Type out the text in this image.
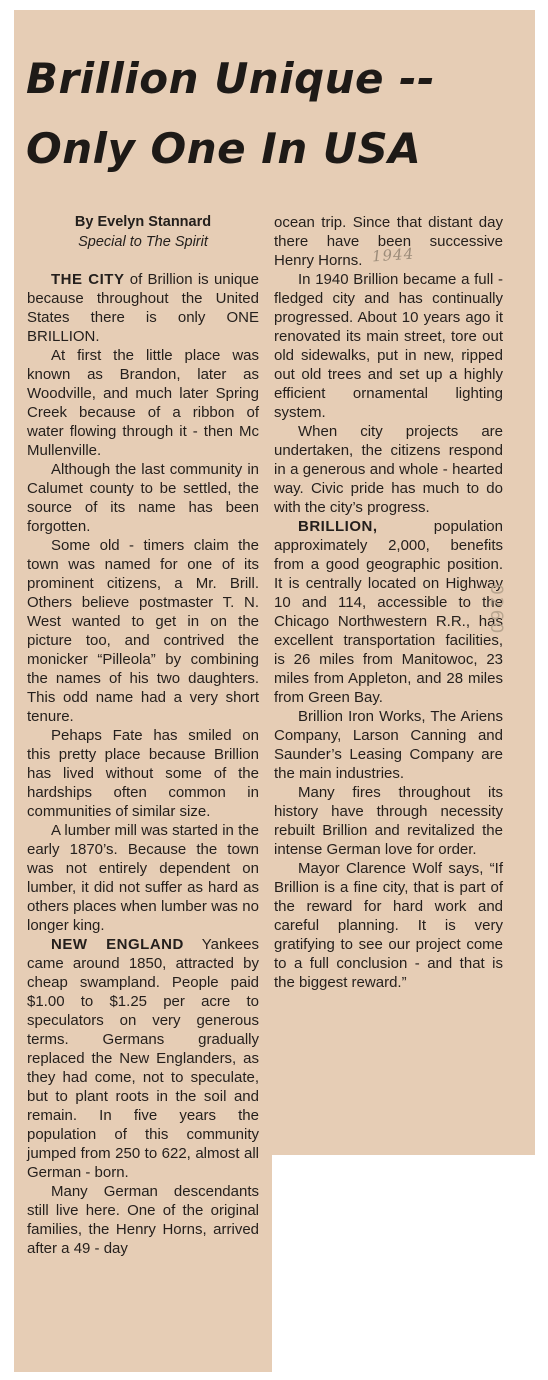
Brillion Unique --
Only One In USA
1944
By Evelyn Stannard
Special to The Spirit

THE CITY of Brillion is unique because throughout the United States there is only ONE BRILLION.

At first the little place was known as Brandon, later as Woodville, and much later Spring Creek because of a ribbon of water flowing through it - then Mc Mullenville.

Although the last community in Calumet county to be settled, the source of its name has been forgotten.

Some old - timers claim the town was named for one of its prominent citizens, a Mr. Brill. Others believe postmaster T. N. West wanted to get in on the picture too, and contrived the monicker “Pilleola” by combining the names of his two daughters. This odd name had a very short tenure.

Pehaps Fate has smiled on this pretty place because Brillion has lived without some of the hardships often common in communities of similar size.

A lumber mill was started in the early 1870’s. Because the town was not entirely dependent on lumber, it did not suffer as hard as others places when lumber was no longer king.

NEW ENGLAND Yankees came around 1850, attracted by cheap swampland. People paid $1.00 to $1.25 per acre to speculators on very generous terms. Germans gradually replaced the New Englanders, as they had come, not to speculate, but to plant roots in the soil and remain. In five years the population of this community jumped from 250 to 622, almost all German - born.

Many German descendants still live here. One of the original families, the Henry Horns, arrived after a 49 - day

ocean trip. Since that distant day there have been successive Henry Horns.

In 1940 Brillion became a full - fledged city and has continually progressed. About 10 years ago it renovated its main street, tore out old sidewalks, put in new, ripped out old trees and set up a highly efficient ornamental lighting system.

When city projects are undertaken, the citizens respond in a generous and whole - hearted way. Civic pride has much to do with the city’s progress.

BRILLION, population approximately 2,000, benefits from a good geographic position. It is centrally located on Highway 10 and 114, accessible to the Chicago Northwestern R.R., has excellent transportation facilities, is 26 miles from Manitowoc, 23 miles from Appleton, and 28 miles from Green Bay.

Brillion Iron Works, The Ariens Company, Larson Canning and Saunder’s Leasing Company are the main industries.

Many fires throughout its history have through necessity rebuilt Brillion and revitalized the intense German love for order.

Mayor Clarence Wolf says, “If Brillion is a fine city, that is part of the reward for hard work and careful planning. It is very gratifying to see our project come to a full conclusion - and that is the biggest reward.”

0260
